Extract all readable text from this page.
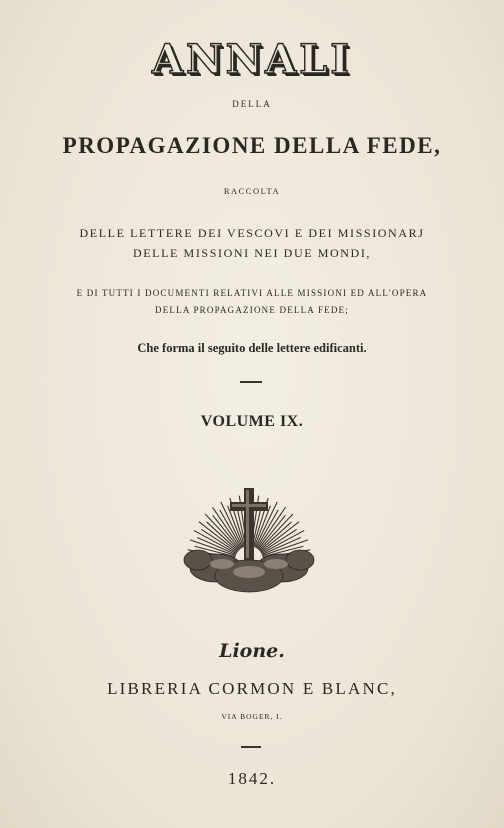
ANNALI
DELLA
PROPAGAZIONE DELLA FEDE,
RACCOLTA
DELLE LETTERE DEI VESCOVI E DEI MISSIONARJ
DELLE MISSIONI NEI DUE MONDI,
E DI TUTTI I DOCUMENTI RELATIVI ALLE MISSIONI ED ALL'OPERA
DELLA PROPAGAZIONE DELLA FEDE;
Che forma il seguito delle lettere edificanti.
VOLUME IX.
Lione.
LIBRERIA CORMON E BLANC,
VIA BOGER, I.
1842.
